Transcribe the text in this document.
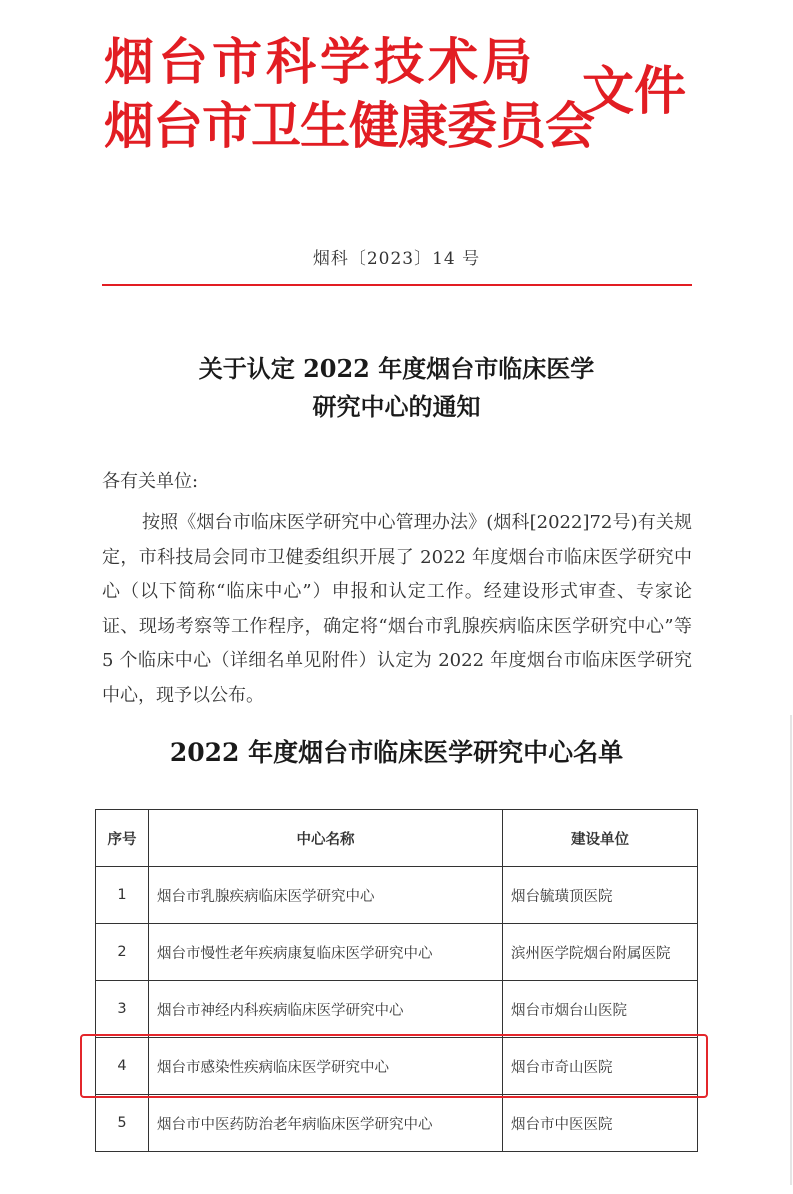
烟台市科学技术局
烟台市卫生健康委员会
文件
烟科〔2023〕14 号
关于认定 2022 年度烟台市临床医学
研究中心的通知
各有关单位:
按照《烟台市临床医学研究中心管理办法》(烟科[2022]72号)有关规定，市科技局会同市卫健委组织开展了 2022 年度烟台市临床医学研究中心（以下简称“临床中心”）申报和认定工作。经建设形式审查、专家论证、现场考察等工作程序，确定将“烟台市乳腺疾病临床医学研究中心”等 5 个临床中心（详细名单见附件）认定为 2022 年度烟台市临床医学研究中心，现予以公布。
2022 年度烟台市临床医学研究中心名单
序号	中心名称	建设单位
1	烟台市乳腺疾病临床医学研究中心	烟台毓璜顶医院
2	烟台市慢性老年疾病康复临床医学研究中心	滨州医学院烟台附属医院
3	烟台市神经内科疾病临床医学研究中心	烟台市烟台山医院
4	烟台市感染性疾病临床医学研究中心	烟台市奇山医院
5	烟台市中医药防治老年病临床医学研究中心	烟台市中医医院
